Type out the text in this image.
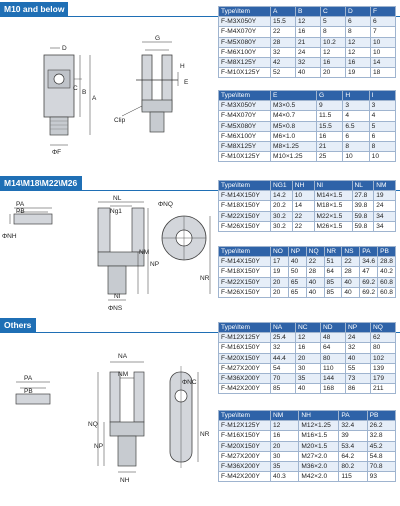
M10 and below
M14\M18\M22\M26
Others
D
C
B
A
ΦF
G
H
E
Clip
PA
PB
ΦNH
NL
Ng1
NM
NP
NI
ΦNS
ΦNQ
NR
PA
PB
NA
NM
NQ
NP
NH
ΦNC
NR
Type\Item	A	B	C	D	F
F-M3X050Y	15.5	12	5	6	6
F-M4X070Y	22	16	8	8	7
F-M5X080Y	28	21	10.2	12	10
F-M6X100Y	32	24	12	12	10
F-M8X125Y	42	32	16	16	14
F-M10X125Y	52	40	20	19	18
Type\Item	E	G	H	I
F-M3X050Y	M3×0.5	9	3	3
F-M4X070Y	M4×0.7	11.5	4	4
F-M5X080Y	M5×0.8	15.5	6.5	5
F-M6X100Y	M6×1.0	16	6	6
F-M8X125Y	M8×1.25	21	8	8
F-M10X125Y	M10×1.25	25	10	10
Type\Item	NG1	NH	NI	NL	NM
F-M14X150Y	14.2	10	M14×1.5	27.8	19
F-M18X150Y	20.2	14	M18×1.5	39.8	24
F-M22X150Y	30.2	22	M22×1.5	59.8	34
F-M26X150Y	30.2	22	M26×1.5	59.8	34
Type\Item	NO	NP	NQ	NR	NS	PA	PB
F-M14X150Y	17	40	22	51	22	34.6	28.8
F-M18X150Y	19	50	28	64	28	47	40.2
F-M22X150Y	20	65	40	85	40	69.2	60.8
F-M26X150Y	20	65	40	85	40	69.2	60.8
Type\Item	NA	NC	ND	NP	NQ
F-M12X125Y	25.4	12	48	24	62
F-M16X150Y	32	16	64	32	80
F-M20X150Y	44.4	20	80	40	102
F-M27X200Y	54	30	110	55	139
F-M36X200Y	70	35	144	73	179
F-M42X200Y	85	40	168	86	211
Type\Item	NM	NH	PA	PB
F-M12X125Y	12	M12×1.25	32.4	26.2
F-M16X150Y	16	M16×1.5	39	32.8
F-M20X150Y	20	M20×1.5	53.4	45.2
F-M27X200Y	30	M27×2.0	64.2	54.8
F-M36X200Y	35	M36×2.0	80.2	70.8
F-M42X200Y	40.3	M42×2.0	115	93
